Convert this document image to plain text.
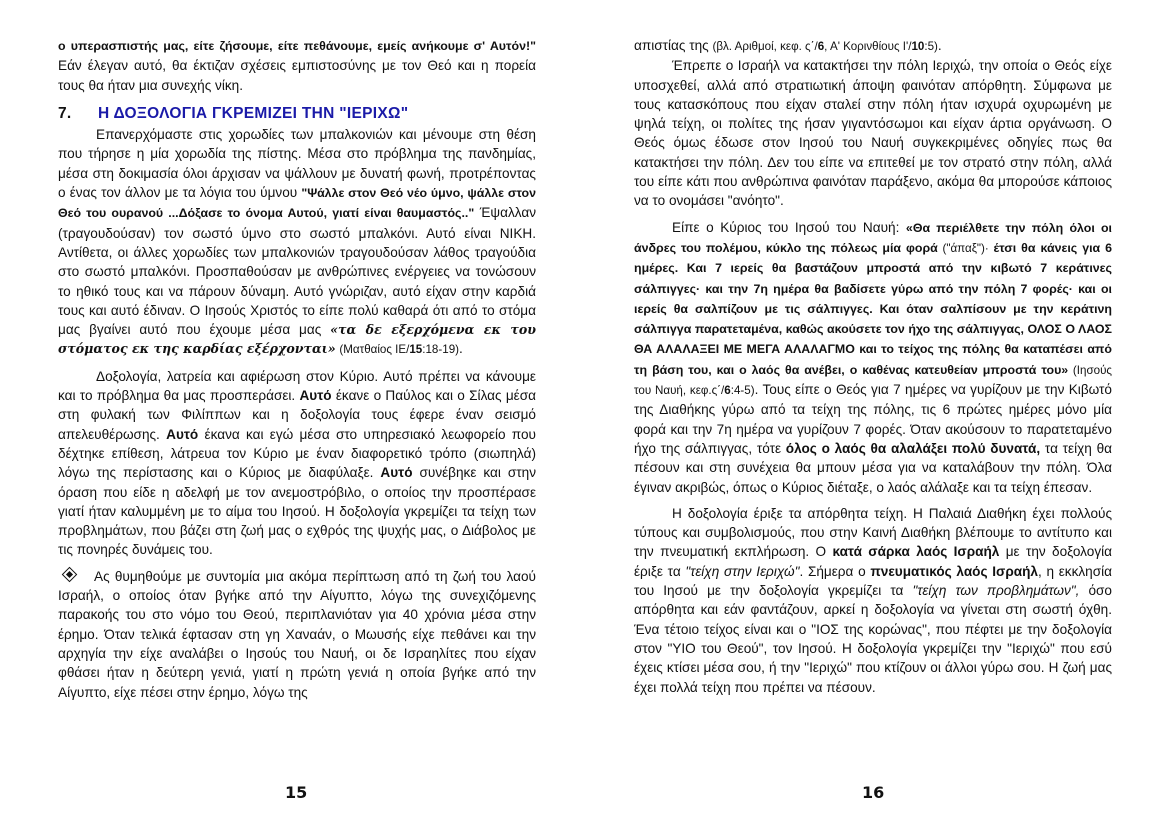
ο υπερασπιστής μας, είτε ζήσουμε, είτε πεθάνουμε, εμείς ανήκουμε σ' Αυτόν!" Εάν έλεγαν αυτό, θα έκτιζαν σχέσεις εμπιστοσύνης με τον Θεό και η πορεία τους θα ήταν μια συνεχής νίκη.

7. Η ΔΟΞΟΛΟΓΙΑ ΓΚΡΕΜΙΖΕΙ ΤΗΝ "ΙΕΡΙΧΩ"

Επανερχόμαστε στις χορωδίες των μπαλκονιών και μένουμε στη θέση που τήρησε η μία χορωδία της πίστης. Μέσα στο πρόβλημα της πανδημίας, μέσα στη δοκιμασία όλοι άρχισαν να ψάλλουν με δυνατή φωνή, προτρέποντας ο ένας τον άλλον με τα λόγια του ύμνου "Ψάλλε στον Θεό νέο ύμνο, ψάλλε στον Θεό του ουρανού ...Δόξασε το όνομα Αυτού, γιατί είναι θαυμαστός.." Έψαλλαν (τραγουδούσαν) τον σωστό ύμνο στο σωστό μπαλκόνι. Αυτό είναι ΝΙΚΗ. Αντίθετα, οι άλλες χορωδίες των μπαλκονιών τραγουδούσαν λάθος τραγούδια στο σωστό μπαλκόνι. Προσπαθούσαν με ανθρώπινες ενέργειες να τονώσουν το ηθικό τους και να πάρουν δύναμη. Αυτό γνώριζαν, αυτό είχαν στην καρδιά τους και αυτό έδιναν. Ο Ιησούς Χριστός το είπε πολύ καθαρά ότι από το στόμα μας βγαίνει αυτό που έχουμε μέσα μας «τα δε εξερχόμενα εκ του στόματος εκ της καρδίας εξέρχονται» (Ματθαίος ΙΕ/15:18-19).

Δοξολογία, λατρεία και αφιέρωση στον Κύριο. Αυτό πρέπει να κάνουμε και το πρόβλημα θα μας προσπεράσει. Αυτό έκανε ο Παύλος και ο Σίλας μέσα στη φυλακή των Φιλίππων και η δοξολογία τους έφερε έναν σεισμό απελευθέρωσης. Αυτό έκανα και εγώ μέσα στο υπηρεσιακό λεωφορείο που δέχτηκε επίθεση, λάτρευα τον Κύριο με έναν διαφορετικό τρόπο (σιωπηλά) λόγω της περίστασης και ο Κύριος με διαφύλαξε. Αυτό συνέβηκε και στην όραση που είδε η αδελφή με τον ανεμοστρόβιλο, ο οποίος την προσπέρασε γιατί ήταν καλυμμένη με το αίμα του Ιησού. Η δοξολογία γκρεμίζει τα τείχη των προβλημάτων, που βάζει στη ζωή μας ο εχθρός της ψυχής μας, ο Διάβολος με τις πονηρές δυνάμεις του.

Ας θυμηθούμε με συντομία μια ακόμα περίπτωση από τη ζωή του λαού Ισραήλ, ο οποίος όταν βγήκε από την Αίγυπτο, λόγω της συνεχιζόμενης παρακοής του στο νόμο του Θεού, περιπλανιόταν για 40 χρόνια μέσα στην έρημο. Όταν τελικά έφτασαν στη γη Χαναάν, ο Μωυσής είχε πεθάνει και την αρχηγία την είχε αναλάβει ο Ιησούς του Ναυή, οι δε Ισραηλίτες που είχαν φθάσει ήταν η δεύτερη γενιά, γιατί η πρώτη γενιά η οποία βγήκε από την Αίγυπτο, είχε πέσει στην έρημο, λόγω της

15

απιστίας της (βλ. Αριθμοί, κεφ. ς΄/6, Α' Κορινθίους Ι'/10:5).

Έπρεπε ο Ισραήλ να κατακτήσει την πόλη Ιεριχώ, την οποία ο Θεός είχε υποσχεθεί, αλλά από στρατιωτική άποψη φαινόταν απόρθητη. Σύμφωνα με τους κατασκόπους που είχαν σταλεί στην πόλη ήταν ισχυρά οχυρωμένη με ψηλά τείχη, οι πολίτες της ήσαν γιγαντόσωμοι και είχαν άρτια οργάνωση. Ο Θεός όμως έδωσε στον Ιησού του Ναυή συγκεκριμένες οδηγίες πως θα κατακτήσει την πόλη. Δεν του είπε να επιτεθεί με τον στρατό στην πόλη, αλλά του είπε κάτι που ανθρώπινα φαινόταν παράξενο, ακόμα θα μπορούσε κάποιος να το ονομάσει "ανόητο".

Είπε ο Κύριος του Ιησού του Ναυή: «Θα περιέλθετε την πόλη όλοι οι άνδρες του πολέμου, κύκλο της πόλεως μία φορά ("άπαξ")· έτσι θα κάνεις για 6 ημέρες. Και 7 ιερείς θα βαστάζουν μπροστά από την κιβωτό 7 κεράτινες σάλπιγγες· και την 7η ημέρα θα βαδίσετε γύρω από την πόλη 7 φορές· και οι ιερείς θα σαλπίζουν με τις σάλπιγγες. Και όταν σαλπίσουν με την κεράτινη σάλπιγγα παρατεταμένα, καθώς ακούσετε τον ήχο της σάλπιγγας, ΟΛΟΣ Ο ΛΑΟΣ ΘΑ ΑΛΑΛΑΞΕΙ ΜΕ ΜΕΓΑ ΑΛΑΛΑΓΜΟ και το τείχος της πόλης θα καταπέσει από τη βάση του, και ο λαός θα ανέβει, ο καθένας κατευθείαν μπροστά του» (Ιησούς του Ναυή, κεφ.ς΄/6:4-5). Τους είπε ο Θεός για 7 ημέρες να γυρίζουν με την Κιβωτό της Διαθήκης γύρω από τα τείχη της πόλης, τις 6 πρώτες ημέρες μόνο μία φορά και την 7η ημέρα να γυρίζουν 7 φορές. Όταν ακούσουν το παρατεταμένο ήχο της σάλπιγγας, τότε όλος ο λαός θα αλαλάξει πολύ δυνατά, τα τείχη θα πέσουν και στη συνέχεια θα μπουν μέσα για να καταλάβουν την πόλη. Όλα έγιναν ακριβώς, όπως ο Κύριος διέταξε, ο λαός αλάλαξε και τα τείχη έπεσαν.

Η δοξολογία έριξε τα απόρθητα τείχη. Η Παλαιά Διαθήκη έχει πολλούς τύπους και συμβολισμούς, που στην Καινή Διαθήκη βλέπουμε το αντίτυπο και την πνευματική εκπλήρωση. Ο κατά σάρκα λαός Ισραήλ με την δοξολογία έριξε τα "τείχη στην Ιεριχώ". Σήμερα ο πνευματικός λαός Ισραήλ, η εκκλησία του Ιησού με την δοξολογία γκρεμίζει τα "τείχη των προβλημάτων", όσο απόρθητα και εάν φαντάζουν, αρκεί η δοξολογία να γίνεται στη σωστή όχθη. Ένα τέτοιο τείχος είναι και ο "ΙΟΣ της κορώνας", που πέφτει με την δοξολογία στον "ΥΙΟ του Θεού", τον Ιησού. Η δοξολογία γκρεμίζει την "Ιεριχώ" που εσύ έχεις κτίσει μέσα σου, ή την "Ιεριχώ" που κτίζουν οι άλλοι γύρω σου. Η ζωή μας έχει πολλά τείχη που πρέπει να πέσουν.

16
